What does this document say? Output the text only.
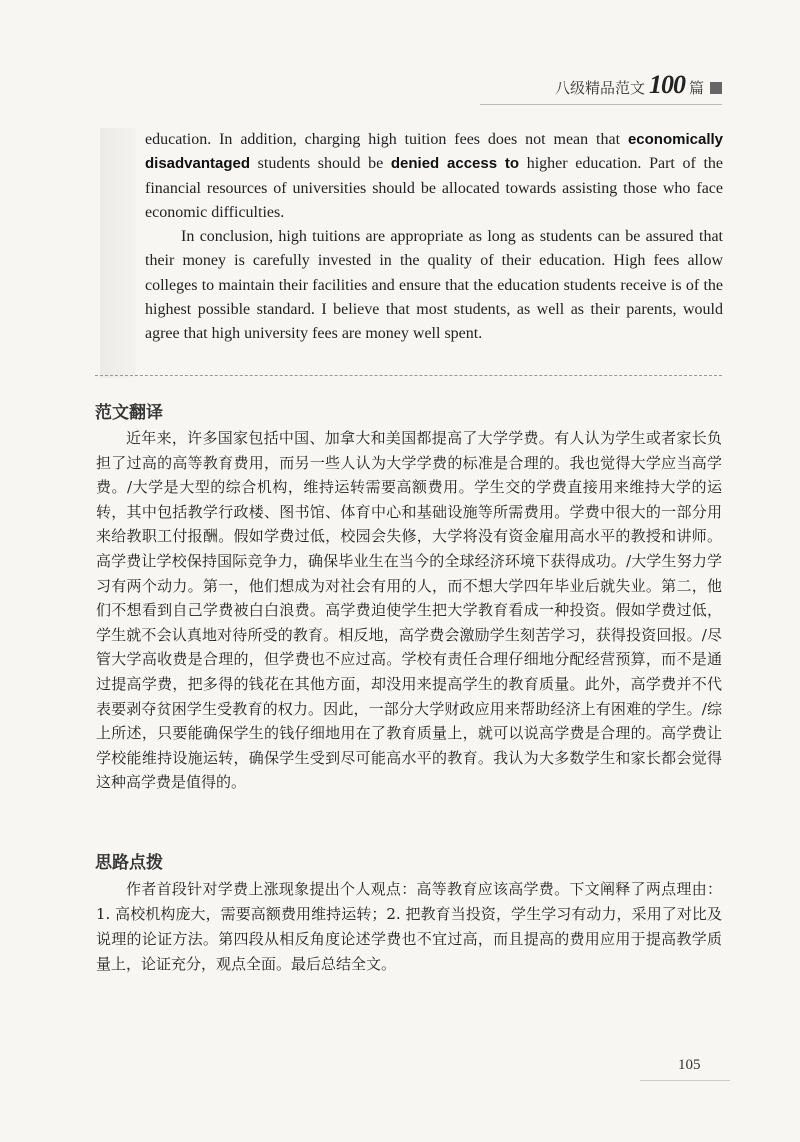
八级精品范文 100 篇

education. In addition, charging high tuition fees does not mean that economically disadvantaged students should be denied access to higher education. Part of the financial resources of universities should be allocated towards assisting those who face economic difficulties.

In conclusion, high tuitions are appropriate as long as students can be assured that their money is carefully invested in the quality of their education. High fees allow colleges to maintain their facilities and ensure that the education students receive is of the highest possible standard. I believe that most students, as well as their parents, would agree that high university fees are money well spent.

范文翻译

近年来，许多国家包括中国、加拿大和美国都提高了大学学费。有人认为学生或者家长负担了过高的高等教育费用，而另一些人认为大学学费的标准是合理的。我也觉得大学应当高学费。/大学是大型的综合机构，维持运转需要高额费用。学生交的学费直接用来维持大学的运转，其中包括教学行政楼、图书馆、体育中心和基础设施等所需费用。学费中很大的一部分用来给教职工付报酬。假如学费过低，校园会失修，大学将没有资金雇用高水平的教授和讲师。高学费让学校保持国际竞争力，确保毕业生在当今的全球经济环境下获得成功。/大学生努力学习有两个动力。第一，他们想成为对社会有用的人，而不想大学四年毕业后就失业。第二，他们不想看到自己学费被白白浪费。高学费迫使学生把大学教育看成一种投资。假如学费过低，学生就不会认真地对待所受的教育。相反地，高学费会激励学生刻苦学习，获得投资回报。/尽管大学高收费是合理的，但学费也不应过高。学校有责任合理仔细地分配经营预算，而不是通过提高学费，把多得的钱花在其他方面，却没用来提高学生的教育质量。此外，高学费并不代表要剥夺贫困学生受教育的权力。因此，一部分大学财政应用来帮助经济上有困难的学生。/综上所述，只要能确保学生的钱仔细地用在了教育质量上，就可以说高学费是合理的。高学费让学校能维持设施运转，确保学生受到尽可能高水平的教育。我认为大多数学生和家长都会觉得这种高学费是值得的。

思路点拨

作者首段针对学费上涨现象提出个人观点：高等教育应该高学费。下文阐释了两点理由：1. 高校机构庞大，需要高额费用维持运转；2. 把教育当投资，学生学习有动力，采用了对比及说理的论证方法。第四段从相反角度论述学费也不宜过高，而且提高的费用应用于提高教学质量上，论证充分，观点全面。最后总结全文。

105
